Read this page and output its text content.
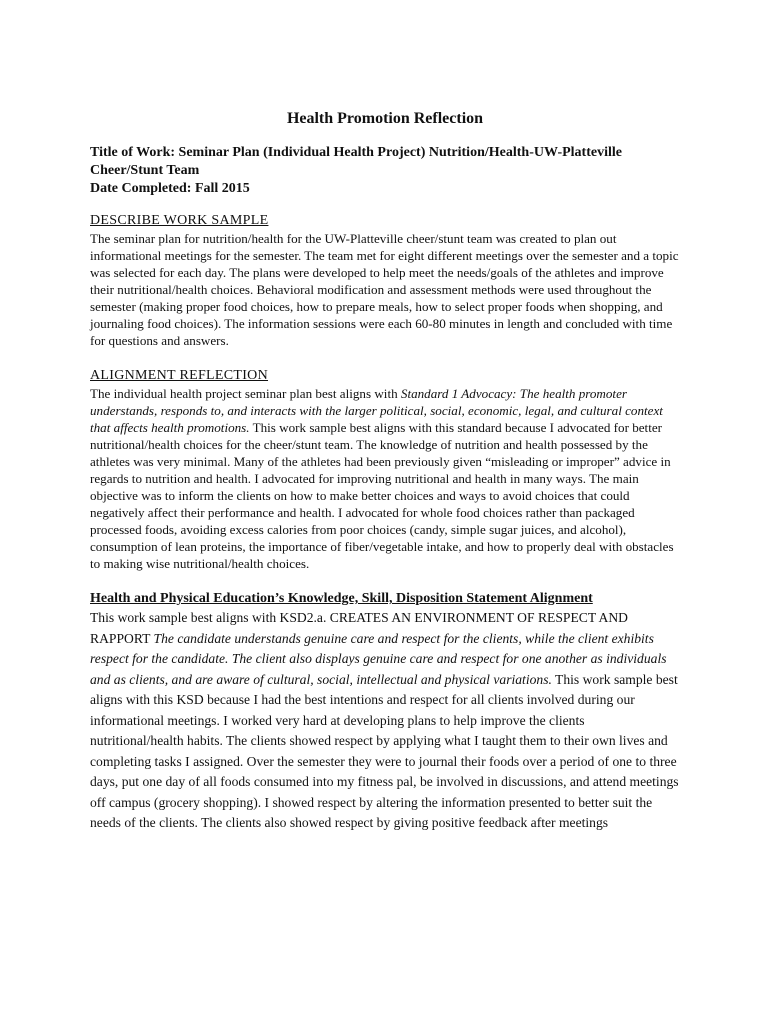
Health Promotion Reflection

Title of Work: Seminar Plan (Individual Health Project) Nutrition/Health-UW-Platteville Cheer/Stunt Team

Date Completed: Fall 2015

DESCRIBE WORK SAMPLE

The seminar plan for nutrition/health for the UW-Platteville cheer/stunt team was created to plan out informational meetings for the semester. The team met for eight different meetings over the semester and a topic was selected for each day. The plans were developed to help meet the needs/goals of the athletes and improve their nutritional/health choices. Behavioral modification and assessment methods were used throughout the semester (making proper food choices, how to prepare meals, how to select proper foods when shopping, and journaling food choices). The information sessions were each 60-80 minutes in length and concluded with time for questions and answers.

ALIGNMENT REFLECTION

The individual health project seminar plan best aligns with Standard 1 Advocacy: The health promoter understands, responds to, and interacts with the larger political, social, economic, legal, and cultural context that affects health promotions. This work sample best aligns with this standard because I advocated for better nutritional/health choices for the cheer/stunt team. The knowledge of nutrition and health possessed by the athletes was very minimal. Many of the athletes had been previously given “misleading or improper” advice in regards to nutrition and health. I advocated for improving nutritional and health in many ways. The main objective was to inform the clients on how to make better choices and ways to avoid choices that could negatively affect their performance and health. I advocated for whole food choices rather than packaged processed foods, avoiding excess calories from poor choices (candy, simple sugar juices, and alcohol), consumption of lean proteins, the importance of fiber/vegetable intake, and how to properly deal with obstacles to making wise nutritional/health choices.

Health and Physical Education’s Knowledge, Skill, Disposition Statement Alignment

This work sample best aligns with KSD2.a. CREATES AN ENVIRONMENT OF RESPECT AND RAPPORT The candidate understands genuine care and respect for the clients, while the client exhibits respect for the candidate. The client also displays genuine care and respect for one another as individuals and as clients, and are aware of cultural, social, intellectual and physical variations. This work sample best aligns with this KSD because I had the best intentions and respect for all clients involved during our informational meetings. I worked very hard at developing plans to help improve the clients nutritional/health habits. The clients showed respect by applying what I taught them to their own lives and completing tasks I assigned. Over the semester they were to journal their foods over a period of one to three days, put one day of all foods consumed into my fitness pal, be involved in discussions, and attend meetings off campus (grocery shopping). I showed respect by altering the information presented to better suit the needs of the clients. The clients also showed respect by giving positive feedback after meetings
